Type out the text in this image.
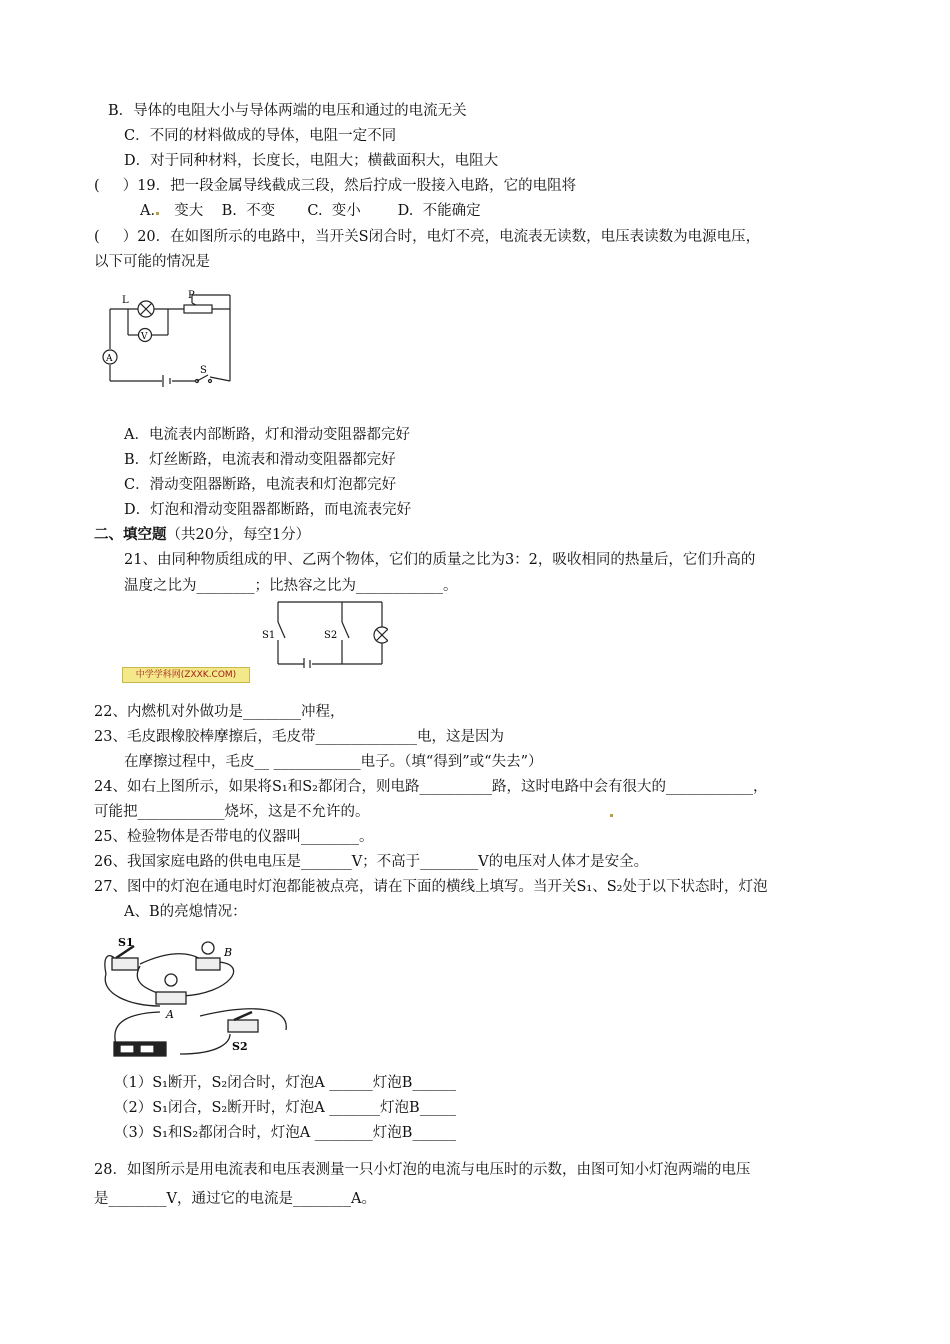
B．导体的电阻大小与导体两端的电压和通过的电流无关
C．不同的材料做成的导体，电阻一定不同
D．对于同种材料，长度长，电阻大；横截面积大，电阻大
(     ）19．把一段金属导线截成三段，然后拧成一股接入电路，它的电阻将
A．  变大    B.  不变       C.  变小        D.  不能确定
(     ）20．在如图所示的电路中，当开关S闭合时，电灯不亮，电流表无读数，电压表读数为电源电压，
以下可能的情况是
L	P
V
A
S
A．电流表内部断路，灯和滑动变阻器都完好
B．灯丝断路，电流表和滑动变阻器都完好
C．滑动变阻器断路，电流表和灯泡都完好
D．灯泡和滑动变阻器都断路，而电流表完好
二、填空题（共20分，每空1分）
21、由同种物质组成的甲、乙两个物体，它们的质量之比为3：2，吸收相同的热量后，它们升高的
温度之比为________；比热容之比为____________。
S1	S2
中学学科网(ZXXK.COM)
22、内燃机对外做功是________冲程，
23、毛皮跟橡胶棒摩擦后，毛皮带______________电，这是因为
在摩擦过程中，毛皮__ ____________电子。（填“得到”或“失去”）
24、如右上图所示，如果将S₁和S₂都闭合，则电路__________路，这时电路中会有很大的____________，
可能把____________烧坏，这是不允许的。
25、检验物体是否带电的仪器叫________。
26、我国家庭电路的供电电压是_______V；不高于________V的电压对人体才是安全。
27、图中的灯泡在通电时灯泡都能被点亮，请在下面的横线上填写。当开关S₁、S₂处于以下状态时，灯泡
A、B的亮熄情况：
S1
B
A
S2
（1）S₁断开，S₂闭合时，灯泡A ______灯泡B______
（2）S₁闭合，S₂断开时，灯泡A _______灯泡B_____
（3）S₁和S₂都闭合时，灯泡A ________灯泡B______
28．如图所示是用电流表和电压表测量一只小灯泡的电流与电压时的示数，由图可知小灯泡两端的电压
是________V，通过它的电流是________A。
